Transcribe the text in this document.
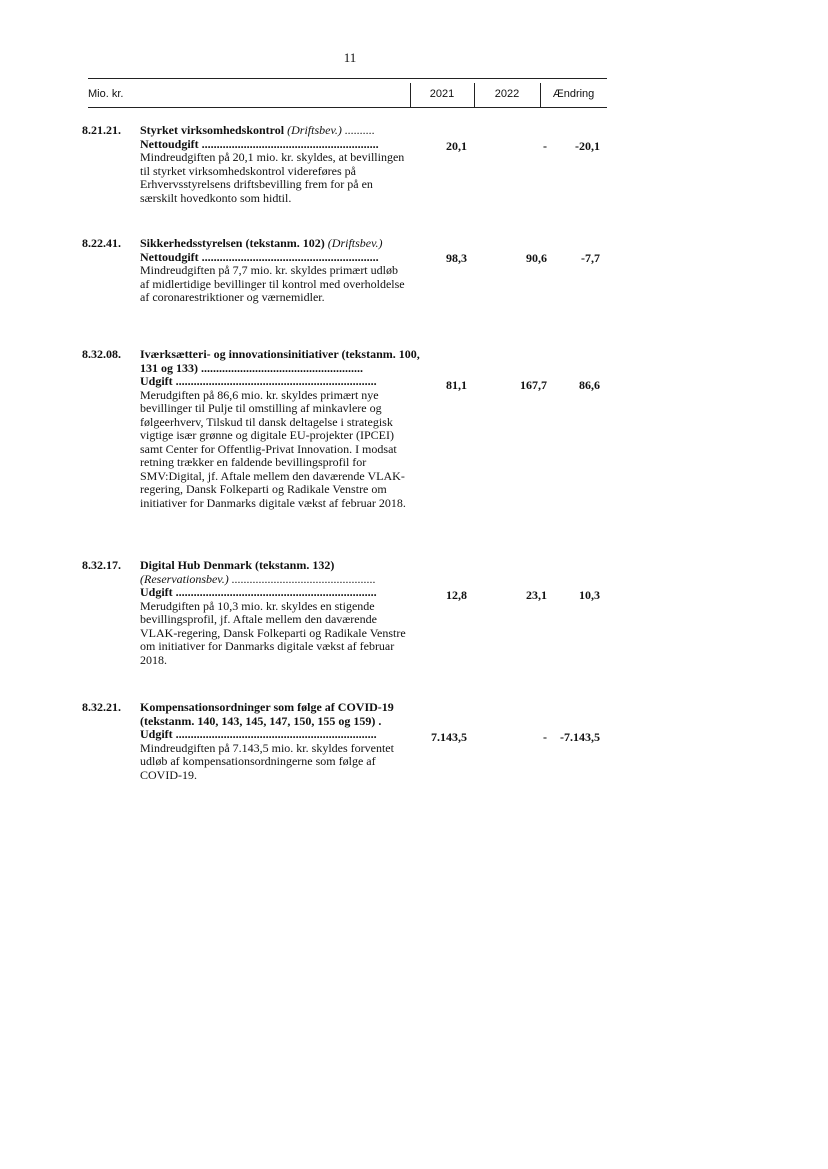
11
Mio. kr.	2021	2022	Ændring
8.21.21. Styrket virksomhedskontrol (Driftsbev.) ..........
Nettoudgift ...........................................................
Mindreudgiften på 20,1 mio. kr. skyldes, at bevillingen til styrket virksomhedskontrol videreføres på Erhvervsstyrelsens driftsbevilling frem for på en særskilt hovedkonto som hidtil.
20,1	-	-20,1
8.22.41. Sikkerhedsstyrelsen (tekstanm. 102) (Driftsbev.)
Nettoudgift ...........................................................
Mindreudgiften på 7,7 mio. kr. skyldes primært udløb af midlertidige bevillinger til kontrol med overholdelse af coronarestriktioner og værnemidler.
98,3	90,6	-7,7
8.32.08. Iværksætteri- og innovationsinitiativer (tekstanm. 100, 131 og 133) ......................................................
Udgift ...................................................................
Merudgiften på 86,6 mio. kr. skyldes primært nye bevillinger til Pulje til omstilling af minkavlere og følgeerhverv, Tilskud til dansk deltagelse i strategisk vigtige især grønne og digitale EU-projekter (IPCEI) samt Center for Offentlig-Privat Innovation. I modsat retning trækker en faldende bevillingsprofil for SMV:Digital, jf. Aftale mellem den daværende VLAK-regering, Dansk Folkeparti og Radikale Venstre om initiativer for Danmarks digitale vækst af februar 2018.
81,1	167,7	86,6
8.32.17. Digital Hub Denmark (tekstanm. 132)
(Reservationsbev.) ................................................
Udgift ...................................................................
Merudgiften på 10,3 mio. kr. skyldes en stigende bevillingsprofil, jf. Aftale mellem den daværende VLAK-regering, Dansk Folkeparti og Radikale Venstre om initiativer for Danmarks digitale vækst af februar 2018.
12,8	23,1	10,3
8.32.21. Kompensationsordninger som følge af COVID-19 (tekstanm. 140, 143, 145, 147, 150, 155 og 159) .
Udgift ...................................................................
Mindreudgiften på 7.143,5 mio. kr. skyldes forventet udløb af kompensationsordningerne som følge af COVID-19.
7.143,5	-	-7.143,5
